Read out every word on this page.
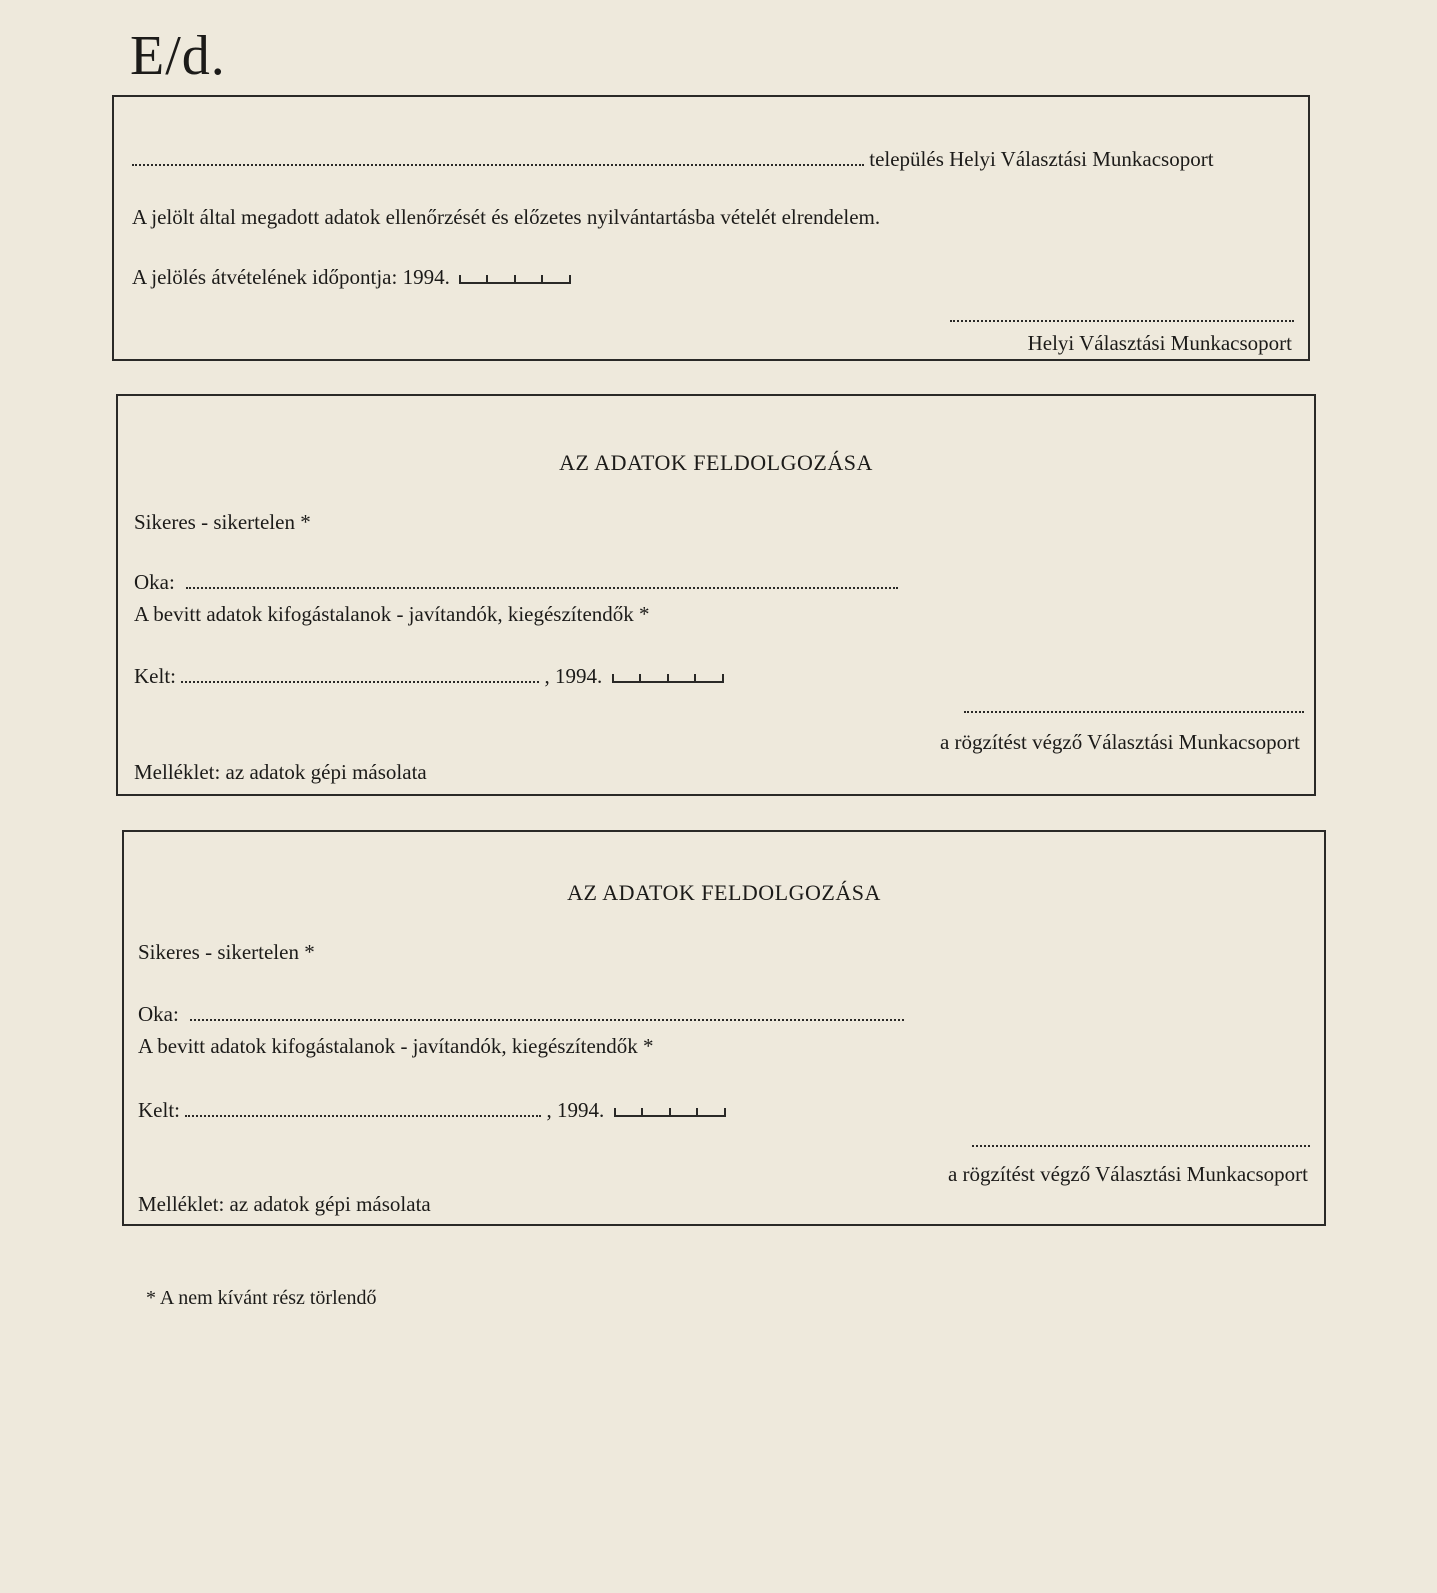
E/d.
település Helyi Választási Munkacsoport
A jelölt által megadott adatok ellenőrzését és előzetes nyilvántartásba vételét elrendelem.
A jelölés átvételének időpontja: 1994.
Helyi Választási Munkacsoport
AZ ADATOK FELDOLGOZÁSA
Sikeres - sikertelen *
Oka:
A bevitt adatok kifogástalanok - javítandók, kiegészítendők *
Kelt:	, 1994.
a rögzítést végző Választási Munkacsoport
Melléklet: az adatok gépi másolata
AZ ADATOK FELDOLGOZÁSA
Sikeres - sikertelen *
Oka:
A bevitt adatok kifogástalanok - javítandók, kiegészítendők *
Kelt:	, 1994.
a rögzítést végző Választási Munkacsoport
Melléklet: az adatok gépi másolata
* A nem kívánt rész törlendő
